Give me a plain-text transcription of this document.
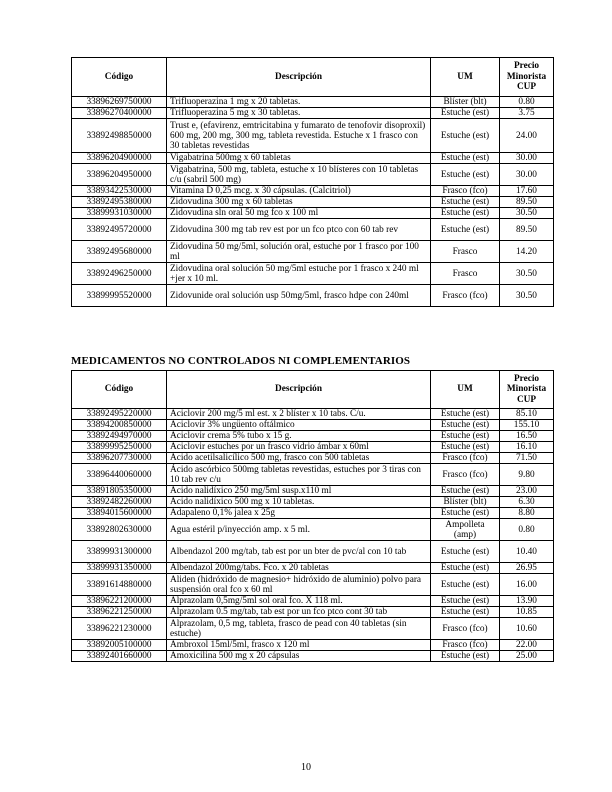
Código	Descripción	UM	Precio
Minorista
CUP

33896269750000	Trifluoperazina 1 mg x 20 tabletas.	Blíster (blt)	0.80
33896270400000	Trifluoperazina 5 mg x 30 tabletas.	Estuche (est)	3.75
33892498850000	Trust e, (efavirenz, emtricitabina y fumarato de tenofovir disoproxil) 600 mg, 200 mg, 300 mg, tableta revestida. Estuche x 1 frasco con 30 tabletas revestidas	Estuche (est)	24.00
33896204900000	Vigabatrina 500mg x 60 tabletas	Estuche (est)	30.00
33896204950000	Vigabatrina, 500 mg, tableta, estuche x 10 blísteres con 10 tabletas c/u (sabril 500 mg)	Estuche (est)	30.00
33893422530000	Vitamina D 0,25 mcg. x 30 cápsulas. (Calcitriol)	Frasco (fco)	17.60
33892495380000	Zidovudina 300 mg x 60 tabletas	Estuche (est)	89.50
33899931030000	Zidovudina sln oral 50 mg fco x 100 ml	Estuche (est)	30.50
33892495720000	Zidovudina 300 mg tab rev est por un fco ptco con 60 tab rev	Estuche (est)	89.50
33892495680000	Zidovudina 50 mg/5ml, solución oral, estuche por 1 frasco por 100 ml	Frasco	14.20
33892496250000	Zidovudina oral solución 50 mg/5ml estuche por 1 frasco x 240 ml +jer x 10 ml.	Frasco	30.50
33899995520000	Zidovunide oral solución usp 50mg/5ml, frasco hdpe con 240ml	Frasco (fco)	30.50
MEDICAMENTOS NO CONTROLADOS NI COMPLEMENTARIOS
Código	Descripción	UM	Precio
Minorista
CUP

33892495220000	Aciclovir 200 mg/5 ml est. x 2 blíster x 10 tabs. C/u.	Estuche (est)	85.10
33894200850000	Aciclovir 3% ungüento oftálmico	Estuche (est)	155.10
33892494970000	Aciclovir crema 5% tubo x 15 g.	Estuche (est)	16.50
33899995250000	Aciclovir estuches por un frasco vidrio ámbar x 60ml	Estuche (est)	16.10
33896207730000	Ácido acetilsalicílico 500 mg, frasco con 500 tabletas	Frasco (fco)	71.50
33896440060000	Ácido ascórbico 500mg tabletas revestidas, estuches por 3 tiras con 10 tab rev c/u	Frasco (fco)	9.80
33891805350000	Ácido nalidíxico 250 mg/5ml susp.x110 ml	Estuche (est)	23.00
33892482260000	Ácido nalidíxico 500 mg x 10 tabletas.	Blíster (blt)	6.30
33894015600000	Adapaleno 0,1% jalea x 25g	Estuche (est)	8.80
33892802630000	Agua estéril p/inyección amp. x 5 ml.	Ampolleta (amp)	0.80
33899931300000	Albendazol 200 mg/tab, tab est por un bter de pvc/al con 10 tab	Estuche (est)	10.40
33899931350000	Albendazol 200mg/tabs. Fco. x 20 tabletas	Estuche (est)	26.95
33891614880000	Aliden (hidróxido de magnesio+ hidróxido de aluminio) polvo para suspensión oral fco x 60 ml	Estuche (est)	16.00
33896221200000	Alprazolam 0,5mg/5ml sol oral fco. X 118 ml.	Estuche (est)	13.90
33896221250000	Alprazolam 0.5 mg/tab, tab est por un fco ptco cont 30 tab	Estuche (est)	10.85
33896221230000	Alprazolam, 0,5 mg, tableta, frasco de pead con 40 tabletas (sin estuche)	Frasco (fco)	10.60
33892005100000	Ambroxol 15ml/5ml, frasco x 120 ml	Frasco (fco)	22.00
33892401660000	Amoxicilina 500 mg x 20 cápsulas	Estuche (est)	25.00
10
